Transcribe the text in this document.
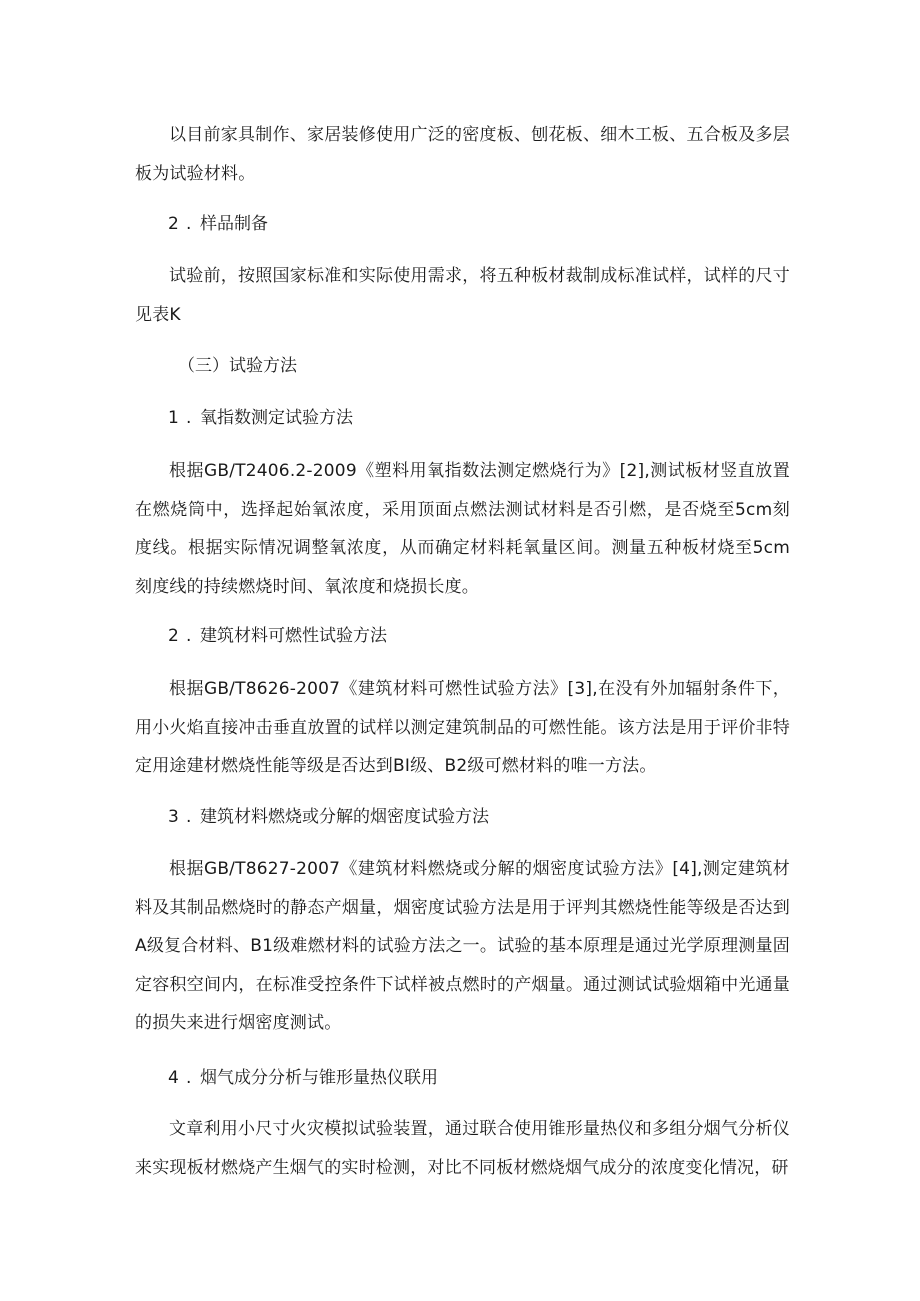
以目前家具制作、家居装修使用广泛的密度板、刨花板、细木工板、五合板及多层板为试验材料。

2 . 样品制备

试验前，按照国家标准和实际使用需求，将五种板材裁制成标准试样，试样的尺寸见表K

（三）试验方法
1 . 氧指数测定试验方法

根据GB/T2406.2-2009《塑料用氧指数法测定燃烧行为》[2],测试板材竖直放置在燃烧筒中，选择起始氧浓度，采用顶面点燃法测试材料是否引燃，是否烧至5cm刻度线。根据实际情况调整氧浓度，从而确定材料耗氧量区间。测量五种板材烧至5cm刻度线的持续燃烧时间、氧浓度和烧损长度。

2 . 建筑材料可燃性试验方法

根据GB/T8626-2007《建筑材料可燃性试验方法》[3],在没有外加辐射条件下，用小火焰直接冲击垂直放置的试样以测定建筑制品的可燃性能。该方法是用于评价非特定用途建材燃烧性能等级是否达到BI级、B2级可燃材料的唯一方法。

3 . 建筑材料燃烧或分解的烟密度试验方法

根据GB/T8627-2007《建筑材料燃烧或分解的烟密度试验方法》[4],测定建筑材料及其制品燃烧时的静态产烟量，烟密度试验方法是用于评判其燃烧性能等级是否达到A级复合材料、B1级难燃材料的试验方法之一。试验的基本原理是通过光学原理测量固定容积空间内，在标准受控条件下试样被点燃时的产烟量。通过测试试验烟箱中光通量的损失来进行烟密度测试。

4 . 烟气成分分析与锥形量热仪联用

文章利用小尺寸火灾模拟试验装置，通过联合使用锥形量热仪和多组分烟气分析仪来实现板材燃烧产生烟气的实时检测，对比不同板材燃烧烟气成分的浓度变化情况，研
